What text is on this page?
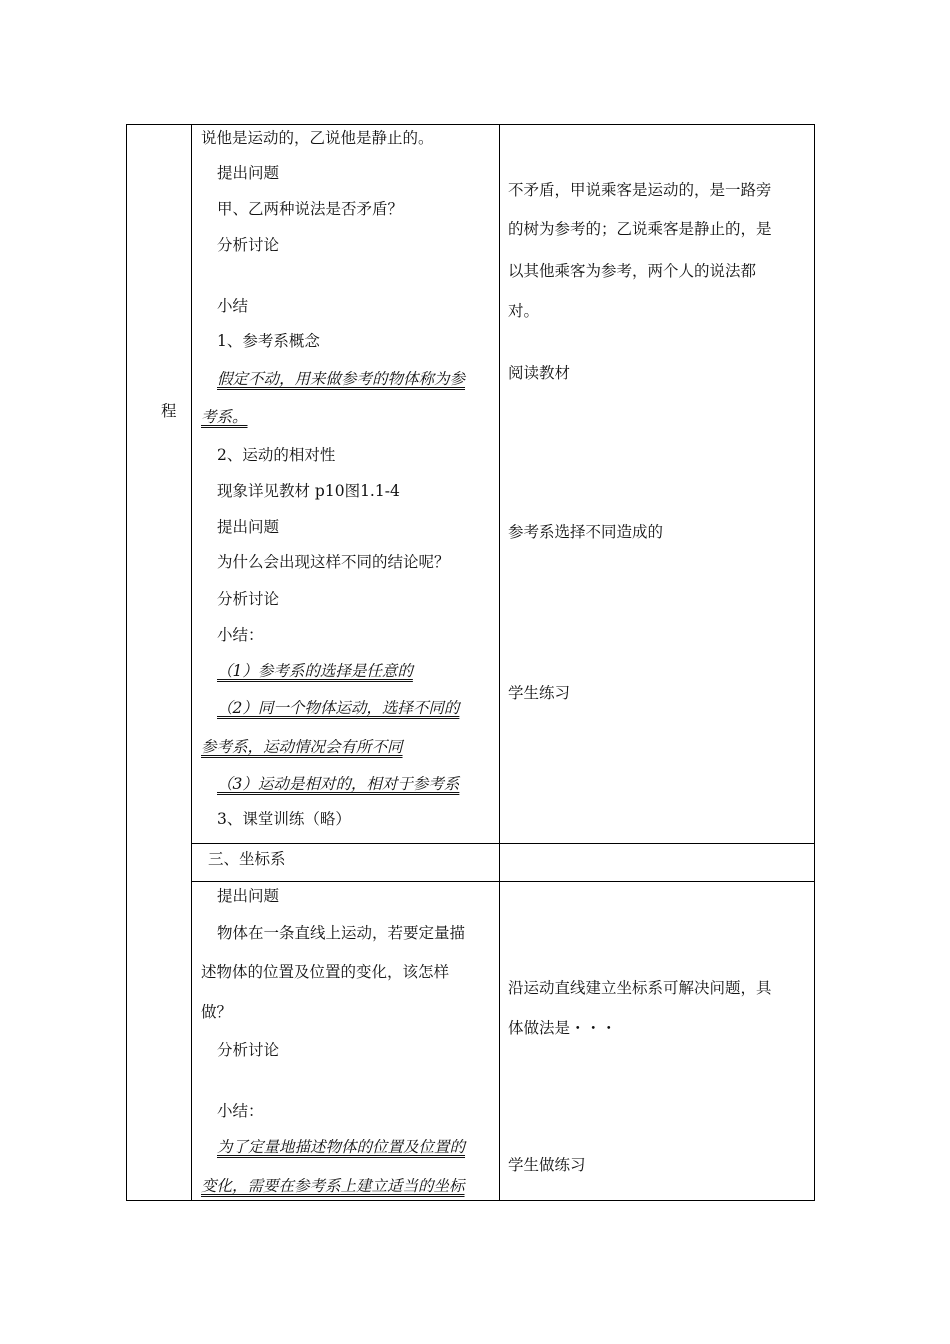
程
说他是运动的，乙说他是静止的。
提出问题
甲、乙两种说法是否矛盾？
分析讨论
小结
1、参考系概念
假定不动，用来做参考的物体称为参
考系。
2、运动的相对性
现象详见教材 p10图1.1-4
提出问题
为什么会出现这样不同的结论呢？
分析讨论
小结：
（1）参考系的选择是任意的
（2）同一个物体运动，选择不同的
参考系，运动情况会有所不同
（3）运动是相对的，相对于参考系
3、课堂训练（略）
不矛盾，甲说乘客是运动的，是一路旁
的树为参考的；乙说乘客是静止的，是
以其他乘客为参考，两个人的说法都
对。
阅读教材
参考系选择不同造成的
学生练习
三、坐标系
提出问题
物体在一条直线上运动，若要定量描
述物体的位置及位置的变化，该怎样
做？
分析讨论
小结：
为了定量地描述物体的位置及位置的
变化，需要在参考系上建立适当的坐标
沿运动直线建立坐标系可解决问题，具
体做法是・・・
学生做练习
